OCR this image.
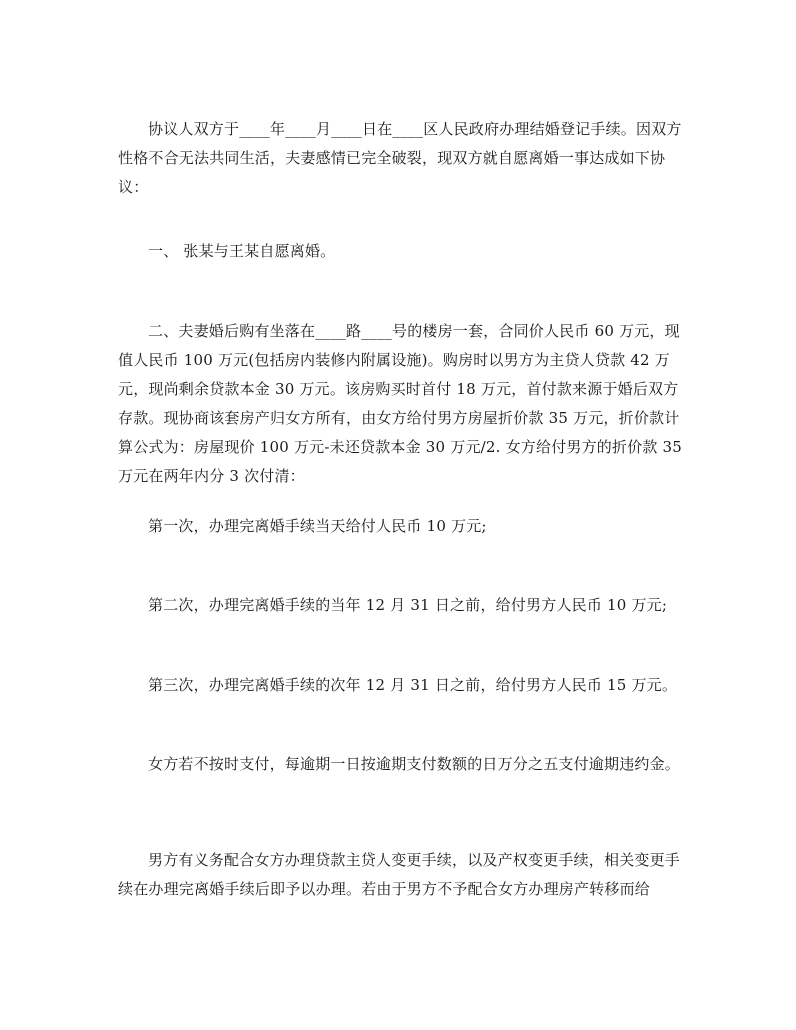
协议人双方于____年____月____日在____区人民政府办理结婚登记手续。因双方性格不合无法共同生活，夫妻感情已完全破裂，现双方就自愿离婚一事达成如下协议：

一、 张某与王某自愿离婚。

二、夫妻婚后购有坐落在____路____号的楼房一套，合同价人民币 60 万元，现值人民币 100 万元(包括房内装修内附属设施)。购房时以男方为主贷人贷款 42 万元，现尚剩余贷款本金 30 万元。该房购买时首付 18 万元，首付款来源于婚后双方存款。现协商该套房产归女方所有，由女方给付男方房屋折价款 35 万元，折价款计算公式为：房屋现价 100 万元-未还贷款本金 30 万元/2. 女方给付男方的折价款 35 万元在两年内分 3 次付清：

第一次，办理完离婚手续当天给付人民币 10 万元;

第二次，办理完离婚手续的当年 12 月 31 日之前，给付男方人民币 10 万元;

第三次，办理完离婚手续的次年 12 月 31 日之前，给付男方人民币 15 万元。

女方若不按时支付，每逾期一日按逾期支付数额的日万分之五支付逾期违约金。

男方有义务配合女方办理贷款主贷人变更手续，以及产权变更手续，相关变更手续在办理完离婚手续后即予以办理。若由于男方不予配合女方办理房产转移而给
